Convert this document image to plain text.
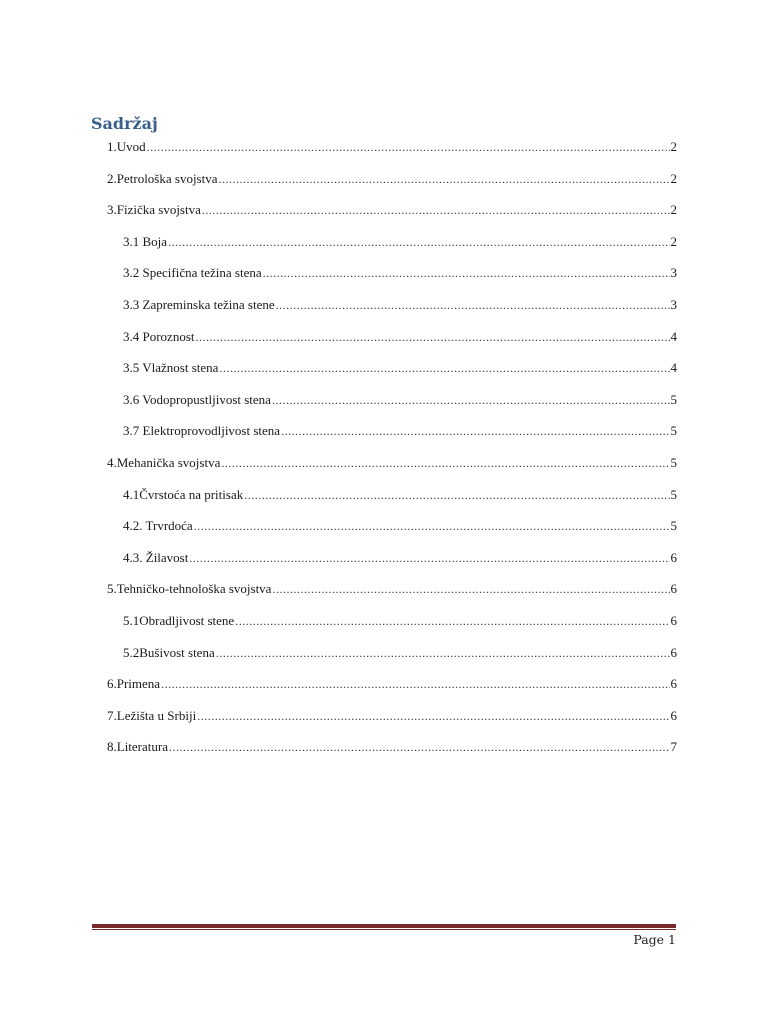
Sadržaj
1.Uvod .....	2
2.Petrološka svojstva .....	2
3.Fizička svojstva .....	2
3.1 Boja .....	2
3.2 Specifična težina stena .....	3
3.3 Zapreminska težina stene .....	3
3.4 Poroznost .....	4
3.5 Vlažnost stena .....	4
3.6 Vodopropustljivost stena .....	5
3.7 Elektroprovodljivost stena .....	5
4.Mehanička svojstva .....	5
4.1Čvrstoća na pritisak .....	5
4.2. Trvrdoća .....	5
4.3. Žilavost .....	6
5.Tehničko-tehnološka svojstva .....	6
5.1Obradljivost stene .....	6
5.2Bušivost stena .....	6
6.Primena .....	6
7.Ležišta u Srbiji .....	6
8.Literatura .....	7
Page 1
